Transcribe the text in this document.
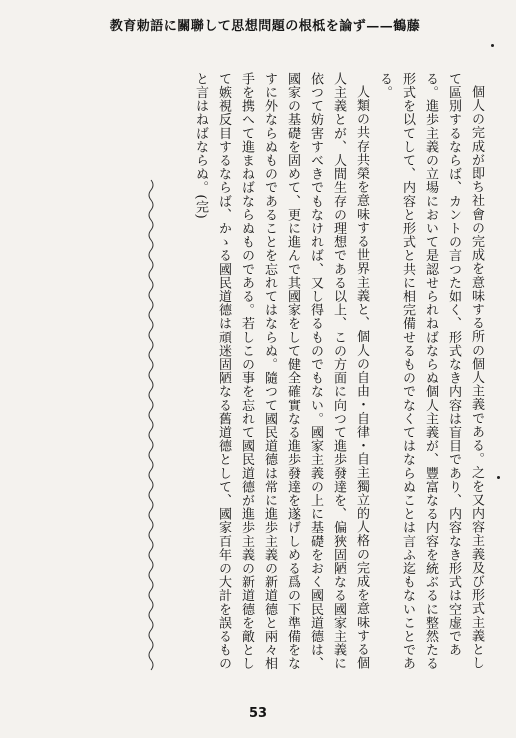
教育勅語に關聯して思想問題の根柢を論ず——鶴藤

個人の完成が即ち社會の完成を意味する所の個人主義である。之を又内容主義及び形式主義として區別するならば、カントの言つた如く、形式なき内容は盲目であり、内容なき形式は空虚である。進歩主義の立場において是認せられねばならぬ個人主義が、豐富なる内容を統ぶるに整然たる形式を以てして、内容と形式と共に相完備せるものでなくてはならぬことは言ふ迄もないことである。

人類の共存共榮を意味する世界主義と、個人の自由・自律・自主獨立的人格の完成を意味する個人主義とが、人間生存の理想である以上、この方面に向つて進歩發達を、偏狹固陋なる國家主義に依つて妨害すべきでもなければ、又し得るものでもない。國家主義の上に基礎をおく國民道德は、國家の基礎を固めて、更に進んで其國家をして健全確實なる進歩發達を遂げしめる爲の下準備をなすに外ならぬものであることを忘れてはならぬ。隨つて國民道德は常に進歩主義の新道德と兩々相手を携へて進まねばならぬものである。若しこの事を忘れて國民道德が進歩主義の新道德を敵として嫉視反目するならば、かゝる國民道德は頑迷固陋なる舊道德として、國家百年の大計を誤るものと言はねばならぬ。(完)

53
